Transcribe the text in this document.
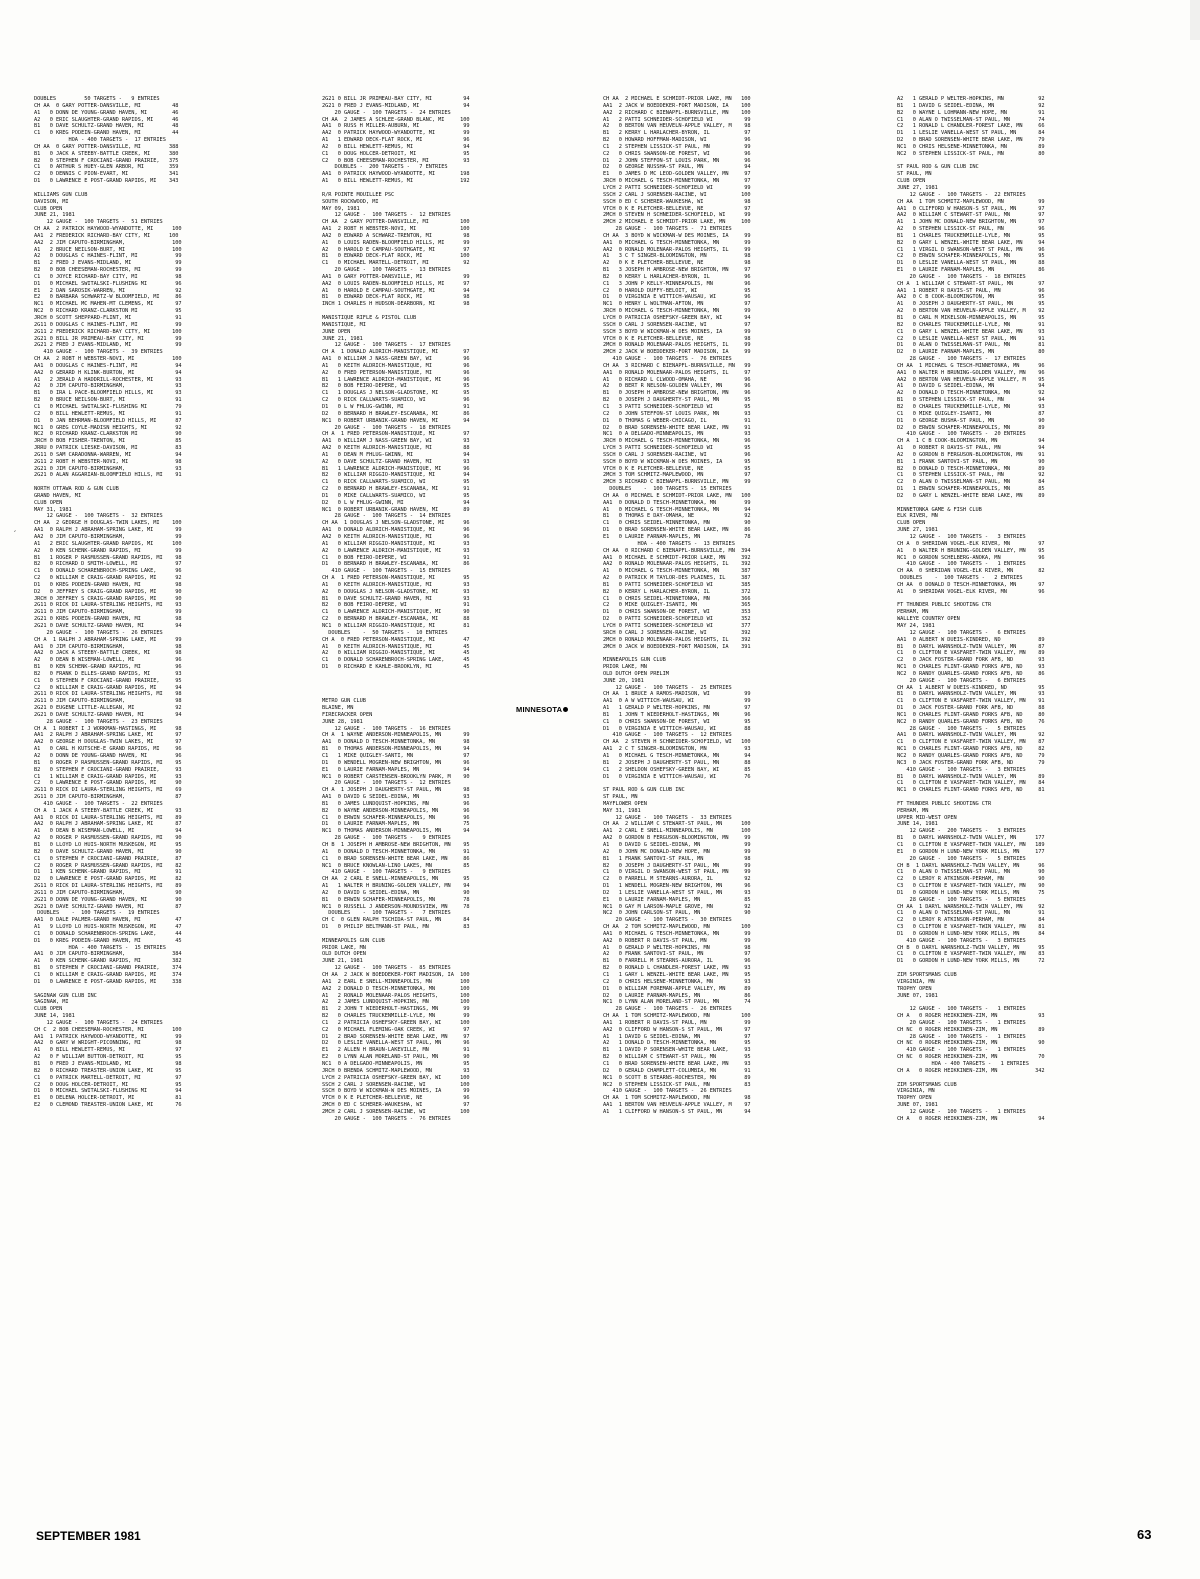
′
DOUBLES         50 TARGETS -   9 ENTRIES
CH AA  0 GARY POTTER-DANSVILLE, MI          48
A1   0 DONN DE YOUNG-GRAND HAVEN, MI        46
A2   0 ERIC SLAUGHTER-GRAND RAPIDS, MI      46
B1   0 DAVE SCHULTZ-GRAND HAVEN, MI         48
C1   0 KREG PODEIN-GRAND HAVEN, MI          44
HOA - 400 TARGETS -  17 ENTRIES
CH AA  0 GARY POTTER-DANSVILLE, MI         388
B1   0 JACK A STEEBY-BATTLE CREEK, MI      380
B2   0 STEPHEN F CROCIANI-GRAND PRAIRIE,   375
C1   0 ARTHUR S HUEY-GLEN ARBOR, MI        359
C2   0 DENNIS C PION-EVART, MI             341
D1   0 LAWRENCE E POST-GRAND RAPIDS, MI    343
WILLIAMS GUN CLUB
DAVISON, MI
CLUB OPEN
JUNE 21, 1981
12 GAUGE -  100 TARGETS -  51 ENTRIES
CH AA  2 PATRICK HAYWOOD-WYANDOTTE, MI      100
AA1  2 FREDERICK RICHARD-BAY CITY, MI      100
AA2  2 JIM CAPUTO-BIRMINGHAM,               100
A1   2 BRUCE NEILSON-BURT, MI               100
A2   0 DOUGLAS C HAINES-FLINT, MI            99
B1   2 FRED J EVANS-MIDLAND, MI              99
B2   0 BOB CHEESEMAN-ROCHESTER, MI           99
C1   0 JOYCE RICHARD-BAY CITY, MI            98
D1   0 MICHAEL SWITALSKI-FLUSHING MI         96
E1   2 DAN SAROSIK-WARREN, MI                92
E2   0 BARBARA SCHWARTZ-W BLOOMFIELD, MI     86
NC1  0 MICHAEL MC MAHEN-MT CLEMENS, MI       97
NC2  0 RICHARD KRANZ-CLARKSTON MI            95
JRCH 0 SCOTT SHEPPARD-FLINT, MI              91
2G11 0 DOUGLAS C HAINES-FLINT, MI            99
2G11 2 FREDERICK RICHARD-BAY CITY, MI       100
2G21 0 BILL JR PRIMEAU-BAY CITY, MI          99
2G21 2 FRED J EVANS-MIDLAND, MI              99
410 GAUGE -  100 TARGETS -  39 ENTRIES
CH AA  2 ROBT H WEBSTER-NOVI, MI            100
AA1  0 DOUGLAS C HAINES-FLINT, MI            94
AA2  0 GERARD H KLINK-BURTON, MI             94
A1   2 JERALD A HADDRILL-ROCHESTER, MI       93
A2   0 JIM CAPUTO-BIRMINGHAM,                93
B1   0 IRA L PACE-BLOOMFIELD HILLS, MI       93
B2   0 BRUCE NEILSON-BURT, MI                91
C1   0 MICHAEL SWITALSKI-FLUSHING MI         79
C2   0 BILL HEWLETT-REMUS, MI                91
D1   0 JAN BEHRMAN-BLOOMFIELD HILLS, MI      87
NC1  0 GREG COYLE-MADISN HEIGHTS, MI         92
NC2  0 RICHARD KRANZ-CLARKSTON MI            90
JRCH 0 BOB FISHER-TRENTON, MI                85
JRRU 0 PATRICK LIESKE-DAVISON, MI            83
2G11 0 SAM CARADONNA-WARREN, MI              94
2G11 2 ROBT H WEBSTER-NOVI, MI               98
2G21 0 JIM CAPUTO-BIRMINGHAM,                93
2G21 0 ALAN AGGARIAN-BLOOMFIELD HILLS, MI    91
NORTH OTTAWA ROD & GUN CLUB
GRAND HAVEN, MI
CLUB OPEN
MAY 31, 1981
12 GAUGE -  100 TARGETS -  32 ENTRIES
CH AA  2 GEORGE H DOUGLAS-TWIN LAKES, MI    100
AA1  0 RALPH J ABRAHAM-SPRING LAKE, MI       99
AA2  0 JIM CAPUTO-BIRMINGHAM,                99
A1   2 ERIC SLAUGHTER-GRAND RAPIDS, MI      100
A2   0 KEN SCHENK-GRAND RAPIDS, MI           99
B1   1 ROGER P RASMUSSEN-GRAND RAPIDS, MI    98
B2   0 RICHARD D SMITH-LOWELL, MI            97
C1   0 DONALD SCHARENBROCH-SPRING LAKE,      96
C2   0 WILLIAM E CRAIG-GRAND RAPIDS, MI      92
D1   0 KREG PODEIN-GRAND HAVEN, MI           98
D2   0 JEFFREY S CRAIG-GRAND RAPIDS, MI      90
JRCH 0 JEFFREY S CRAIG-GRAND RAPIDS, MI      90
2G11 0 RICK DI LAURA-STERLING HEIGHTS, MI    93
2G11 0 JIM CAPUTO-BIRMINGHAM,                99
2G21 0 KREG PODEIN-GRAND HAVEN, MI           98
2G21 0 DAVE SCHULTZ-GRAND HAVEN, MI          94
20 GAUGE -  100 TARGETS -  26 ENTRIES
CH A  1 RALPH J ABRAHAM-SPRING LAKE, MI      99
AA1  0 JIM CAPUTO-BIRMINGHAM,                98
AA2  0 JACK A STEEBY-BATTLE CREEK, MI        98
A2   0 DEAN B WISEMAN-LOWELL, MI             96
B1   0 KEN SCHENK-GRAND RAPIDS, MI           96
B2   0 FRANK D ELLES-GRAND RAPIDS, MI        93
C1   0 STEPHEN F CROCIANI-GRAND PRAIRIE,     95
C2   0 WILLIAM E CRAIG-GRAND RAPIDS, MI      94
2G11 0 RICK DI LAURA-STERLING HEIGHTS, MI    98
2G11 0 JIM CAPUTO-BIRMINGHAM,                98
2G21 0 EUGENE LITTLE-ALLEGAN, MI             92
2G21 0 DAVE SCHULTZ-GRAND HAVEN, MI          94
28 GAUGE -  100 TARGETS -  23 ENTRIES
CH A  1 ROBERT I J WORKMAN-HASTINGS, MI      98
AA1  2 RALPH J ABRAHAM-SPRING LAKE, MI       97
AA2  0 GEORGE H DOUGLAS-TWIN LAKES, MI       97
A1   0 CARL H KUTSCHE-E GRAND RAPIDS, MI     96
A2   0 DONN DE YOUNG-GRAND HAVEN, MI         96
B1   0 ROGER P RASMUSSEN-GRAND RAPIDS, MI    95
B2   0 STEPHEN F CROCIANI-GRAND PRAIRIE,     93
C1   1 WILLIAM E CRAIG-GRAND RAPIDS, MI      93
C2   0 LAWRENCE E POST-GRAND RAPIDS, MI      90
2G11 0 RICK DI LAURA-STERLING HEIGHTS, MI    69
2G11 0 JIM CAPUTO-BIRMINGHAM,                87
410 GAUGE -  100 TARGETS -  22 ENTRIES
CH A  1 JACK A STEEBY-BATTLE CREEK, MI       93
AA1  0 RICK DI LAURA-STERLING HEIGHTS, MI    89
AA2  0 RALPH J ABRAHAM-SPRING LAKE, MI       87
A1   0 DEAN B WISEMAN-LOWELL, MI             94
A2   0 ROGER P RASMUSSEN-GRAND RAPIDS, MI    90
B1   0 LLOYD LO HUIS-NORTH MUSKEGON, MI      95
B2   0 DAVE SCHULTZ-GRAND HAVEN, MI          90
C1   0 STEPHEN F CROCIANI-GRAND PRAIRIE,     87
C2   0 ROGER P RASMUSSEN-GRAND RAPIDS, MI    82
D1   1 KEN SCHENK-GRAND RAPIDS, MI           91
D2   0 LAWRENCE E POST-GRAND RAPIDS, MI      82
2G11 0 RICK DI LAURA-STERLING HEIGHTS, MI    89
2G11 0 JIM CAPUTO-BIRMINGHAM,                90
2G21 0 DONN DE YOUNG-GRAND HAVEN, MI         90
2G21 0 DAVE SCHULTZ-GRAND HAVEN, MI          87
DOUBLES    -  100 TARGETS -  19 ENTRIES
AA1  0 DALE PALMER-GRAND HAVEN, MI           47
A1   9 LLOYD LO HUIS-NORTH MUSKEGON, MI      47
C1   0 DONALD SCHARENBROCH-SPRING LAKE,      44
D1   0 KREG PODEIN-GRAND HAVEN, MI           45
HOA - 400 TARGETS -  15 ENTRIES
AA1  0 JIM CAPUTO-BIRMINGHAM,               384
A1   0 KEN SCHENK-GRAND RAPIDS, MI          382
B1   0 STEPHEN F CROCIANI-GRAND PRAIRIE,    374
C1   0 WILLIAM E CRAIG-GRAND RAPIDS, MI     374
D1   0 LAWRENCE E POST-GRAND RAPIDS, MI     338
SAGINAW GUN CLUB INC
SAGINAW, MI
CLUB OPEN
JUNE 14, 1981
12 GAUGE -  100 TARGETS -  24 ENTRIES
CH C  2 BOB CHEESEMAN-ROCHESTER, MI         100
AA1  1 PATRICK HAYWOOD-WYANDOTTE, MI         99
AA2  0 GARY W WRIGHT-PICONNING, MI           98
A1   0 BILL HEWLETT-REMUS, MI                97
A2   0 F WILLIAM BUTTON-DETROIT, MI          95
B1   0 FRED J EVANS-MIDLAND, MI              98
B2   0 RICHARD TREASTER-UNION LAKE, MI       95
C1   0 PATRICK MARTELL-DETROIT, MI           97
C2   0 DOUG HOLCER-DETROIT, MI               95
D1   0 MICHAEL SWITALSKI-FLUSHING MI         94
E1   0 DELENA HOLCER-DETROIT, MI             81
E2   0 CLEMOND TREASTER-UNION LAKE, MI       76
2G21 0 BILL JR PRIMEAU-BAY CITY, MI          94
2G21 0 FRED J EVANS-MIDLAND, MI              94
20 GAUGE -  100 TARGETS -  24 ENTRIES
CH AA  2 JAMES A SCHLEE-GRAND BLANC, MI     100
AA1  0 RUSS H MILLER-AUBURN, MI              99
AA2  0 PATRICK HAYWOOD-WYANDOTTE, MI         99
A1   1 EDWARD DECK-FLAT ROCK, MI             96
A2   0 BILL HEWLETT-REMUS, MI                94
C1   0 DOUG HOLCER-DETROIT, MI               95
C2   0 BOB CHEESEMAN-ROCHESTER, MI           93
DOUBLES -  200 TARGETS -   7 ENTRIES
AA1  0 PATRICK HAYWOOD-WYANDOTTE, MI        198
A1   0 BILL HEWLETT-REMUS, MI               192
R/R POINTE MOUILLEE PSC
SOUTH ROCKWOOD, MI
MAY 09, 1981
12 GAUGE -  100 TARGETS -  12 ENTRIES
CH AA  2 GARY POTTER-DANSVILLE, MI          100
AA1  2 ROBT H WEBSTER-NOVI, MI              100
AA2  0 EDWARD A SCHWARZ-TRENTON, MI          98
A1   0 LOUIS RADEN-BLOOMFIELD HILLS, MI      99
A2   0 HAROLD E CAMPAU-SOUTHGATE, MI         97
B1   0 EDWARD DECK-FLAT ROCK, MI            100
C1   0 MICHAEL MARTELL-DETROIT, MI           92
20 GAUGE -  100 TARGETS -  13 ENTRIES
AA1  0 GARY POTTER-DANSVILLE, MI             99
AA2  0 LOUIS RADEN-BLOOMFIELD HILLS, MI      97
A1   0 HAROLD E CAMPAU-SOUTHGATE, MI         94
B1   0 EDWARD DECK-FLAT ROCK, MI             98
INCH 1 CHARLES H HUDSON-DEARBORN, MI         98
MANISTIQUE RIFLE & PISTOL CLUB
MANISTIQUE, MI
JUNE OPEN
JUNE 21, 1981
12 GAUGE -  100 TARGETS -  17 ENTRIES
CH A  1 DONALD ALDRICH-MANISTIQUE, MI        97
AA1  0 WILLIAM J NASS-GREEN BAY, WI          96
A1   0 KEITH ALDRICH-MANISTIQUE, MI          96
A2   0 FRED PETERSON-MANISTIQUE, MI          96
B1   1 LAWRENCE ALDRICH-MANISTIQUE, MI       96
B2   0 BOB FEIRO-DEPERE, WI                  95
C1   1 DOUGLAS J NELSON-GLADSTONE, MI        95
C2   0 RICK CALLWARTS-SUAMICO, WI            96
D1   0 L W FHLUG-GWINN, MI                   91
D2   0 BERNARD H BRAWLEY-ESCANABA, MI        86
NC1  0 ROBERT URBANIK-GRAND HAVEN, MI        94
20 GAUGE -  100 TARGETS -  18 ENTRIES
CH A  1 FRED PETERSON-MANISTIQUE, MI         97
AA1  0 WILLIAM J NASS-GREEN BAY, WI          93
AA2  0 KEITH ALDRICH-MANISTIQUE, MI          88
A1   0 DEAN M FHLUG-GWINN, MI                94
A2   0 DAVE SCHULTZ-GRAND HAVEN, MI          93
B1   1 LAWRENCE ALDRICH-MANISTIQUE, MI       96
B2   0 WILLIAM RIGGIO-MANISTIQUE, MI         94
C1   0 RICK CALLWARTS-SUAMICO, WI            95
C2   0 BERNARD H BRAWLEY-ESCANABA, MI        91
D1   0 MIKE CALLWARTS-SUAMICO, WI            95
D2   0 L W FHLUG-GWINN, MI                   94
NC1  0 ROBERT URBANIK-GRAND HAVEN, MI        89
28 GAUGE -  100 TARGETS -  14 ENTRIES
CH AA  1 DOUGLAS J NELSON-GLADSTONE, MI      96
AA1  0 DONALD ALDRICH-MANISTIQUE, MI         96
AA2  0 KEITH ALDRICH-MANISTIQUE, MI          96
A1   0 WILLIAM RIGGIO-MANISTIQUE, MI         93
A2   0 LAWRENCE ALDRICH-MANISTIQUE, MI       93
C1   0 BOB FEIRO-DEPERE, WI                  91
D1   0 BERNARD H BRAWLEY-ESCANABA, MI        86
410 GAUGE -  100 TARGETS -  15 ENTRIES
CH A  1 FRED PETERSON-MANISTIQUE, MI         95
A1   0 KEITH ALDRICH-MANISTIQUE, MI          93
A2   0 DOUGLAS J NELSON-GLADSTONE, MI        93
B1   0 DAVE SCHULTZ-GRAND HAVEN, MI          93
B2   0 BOB FEIRO-DEPERE, WI                  91
C1   0 LAWRENCE ALDRICH-MANISTIQUE, MI       90
C2   0 BERNARD H BRAWLEY-ESCANABA, MI        88
NC1  0 WILLIAM RIGGIO-MANISTIQUE, MI         81
DOUBLES    -  50 TARGETS -  10 ENTRIES
CH A  0 FRED PETERSON-MANISTIQUE, MI         47
A1   0 KEITH ALDRICH-MANISTIQUE, MI          45
A2   0 WILLIAM RIGGIO-MANISTIQUE, MI         45
C1   0 DONALD SCHARENBROCH-SPRING LAKE,      45
D1   0 RICHARD E KAHLE-BROOKLYN, MI          45
METRO GUN CLUB
BLAINE, MN
FIRECRACKER OPEN
JUNE 28, 1981
12 GAUGE -  100 TARGETS -  16 ENTRIES
CH A  1 WAYNE ANDERSON-MINNEAPOLIS, MN       99
AA1  0 DONALD D TESCH-MINNETONKA, MN         98
B1   0 THOMAS ANDERSON-MINNEAPOLIS, MN       94
C1   1 MIKE QUIGLEY-SANTI, MN                97
D1   0 WENDELL MOGREN-NEW BRIGHTON, MN       96
E1   0 LAURIE FARNAM-MAPLES, MN              94
NC1  0 ROBERT CARSTENSEN-BROOKLYN PARK, M    90
20 GAUGE -  100 TARGETS -  12 ENTRIES
CH A  1 JOSEPH J DAUGHERTY-ST PAUL, MN       98
AA1  0 DAVID G SEIDEL-EDINA, MN              93
B1   0 JAMES LUNDQUIST-HOPKINS, MN           96
B2   0 WAYNE ANDERSON-MINNEAPOLIS, MN        96
C1   0 ERWIN SCHAFER-MINNEAPOLIS, MN         96
D1   0 LAURIE FARNAM-MAPLES, MN              75
NC1  0 THOMAS ANDERSON-MINNEAPOLIS, MN       94
28 GAUGE -  100 TARGETS -   9 ENTRIES
CH B  1 JOSEPH H AMBROSE-NEW BRIGHTON, MN    95
A1   0 DONALD D TESCH-MINNETONKA, MN         91
C1   0 BRAD SORENSEN-WHITE BEAR LAKE, MN     86
NC1  0 BRUCE KNOWLAN-LINO LAKES, MN          85
410 GAUGE -  100 TARGETS -   9 ENTRIES
CH AA  2 CARL E SNELL-MINNEAPOLIS, MN        95
A1   1 WALTER H BRUNING-GOLDEN VALLEY, MN    94
A2   0 DAVID G SEIDEL-EDINA, MN              90
B1   0 ERWIN SCHAFER-MINNEAPOLIS, MN         78
NC1  0 RUSSELL J ANDERSON-MOUNDSVIEW, MN     78
DOUBLES    -  100 TARGETS -   7 ENTRIES
CH C  0 GLEN RALPH TSCHIDA-ST PAUL, MN       84
D1   0 PHILIP BELTMANN-ST PAUL, MN           83
MINNEAPOLIS GUN CLUB
PRIOR LAKE, MN
OLD DUTCH OPEN
JUNE 21, 1981
12 GAUGE -  100 TARGETS -  85 ENTRIES
CH AA  2 JACK W BOEDDEKER-FORT MADISON, IA  100
AA1  2 EARL E SNELL-MINNEAPOLIS, MN         100
AA2  2 DONALD D TESCH-MINNETONKA, MN        100
A1   2 RONALD MOLENAAR-PALOS HEIGHTS,       100
A2   2 JAMES LUNDQUIST-HOPKINS, MN          100
B1   2 JOHN T WIEDERHOLT-HASTINGS, MN        99
B2   0 CHARLES TRUCKENMILLE-LYLE, MN         99
C1   2 PATRICIA OSHEFSKY-GREEN BAY, WI      100
C2   0 MICHAEL FLEMING-OAK CREEK, WI         97
D1   2 BRAD SORENSEN-WHITE BEAR LAKE, MN     97
D2   0 LESLIE VANELLA-WEST ST PAUL, MN       96
E1   2 ALLEN H BRAUN-LAKEVILLE, MN           91
E2   0 LYNN ALAN MORELAND-ST PAUL, MN        90
NC1  0 A DELGADO-MINNEAPOLIS, MN             95
JRCH 0 BRENDA SCHMITZ-MAPLEWOOD, MN          93
LYCH 2 PATRICIA OSHEFSKY-GREEN BAY, WI      100
SSCH 2 CARL J SORENSEN-RACINE, WI           100
SSCH 0 BOYD W WICKMAN-W DES MOINES, IA       99
VTCH 0 K E PLETCHER-BELLEVUE, NE             96
2MCH 0 ED C SCHERER-WAUKESHA, WI             97
2MCH 2 CARL J SORENSEN-RACINE, WI           100
20 GAUGE -  100 TARGETS -  76 ENTRIES
CH AA  2 MICHAEL E SCHMIDT-PRIOR LAKE, MN   100
AA1  2 JACK W BOEDDEKER-FORT MADISON, IA    100
AA2  2 RICHARD C BIENAPFL-BURNSVILLE, MN    100
A1   2 PATTI SCHNEIDER-SCHOFIELD WI          99
A2   0 BERTON VAN HEUVELN-APPLE VALLEY, M    98
B1   2 KERRY L HARLACHER-BYRON, IL           97
B2   0 HOWARD HOFFMAN-MADISON, WI            96
C1   2 STEPHEN LISSICK-ST PAUL, MN           99
C2   0 CHRIS SWANSON-DE FOREST, WI           96
D1   2 JOHN STEFFON-ST LOUIS PARK, MN        96
D2   0 GEORGE NUSSHA-ST PAUL, MN             94
E1   0 JAMES D MC LEOD-GOLDEN VALLEY, MN     97
JRCH 0 MICHAEL G TESCH-MINNETONKA, MN        97
LYCH 2 PATTI SCHNEIDER-SCHOFIELD WI          99
SSCH 2 CARL J SORENSEN-RACINE, WI           100
SSCH 0 ED C SCHERER-WAUKESHA, WI             98
VTCH 0 K E PLETCHER-BELLEVUE, NE             97
2MCH 0 STEVEN H SCHNEIDER-SCHOFIELD, WI      99
2MCH 2 MICHAEL E SCHMIDT-PRIOR LAKE, MN     100
28 GAUGE -  100 TARGETS -  71 ENTRIES
CH AA  3 BOYD W WICKMAN-W DES MOINES, IA     99
AA1  0 MICHAEL G TESCH-MINNETONKA, MN        99
AA2  0 RONALD MOLENAAR-PALOS HEIGHTS, IL     99
A1   3 C T SINGER-BLOOMINGTON, MN            98
A2   0 K E PLETCHER-BELLEVUE, NE             98
B1   3 JOSEPH H AMBROSE-NEW BRIGHTON, MN     97
B2   0 KERRY L HARLACHER-BYRON, IL           96
C1   3 JOHN P KELLY-MINNEAPOLIS, MN          96
C2   0 HAROLD DUFFY-BELOIT, WI               95
D1   0 VIRGINIA E WITTICH-WAUSAU, WI         96
NC1  0 HENRY L WOLTMAN-AFTON, MN             97
JRCH 0 MICHAEL G TESCH-MINNETONKA, MN        99
LYCH 0 PATRICIA OSHEFSKY-GREEN BAY, WI       94
SSCH 0 CARL J SORENSEN-RACINE, WI            97
SSCH 3 BOYD W WICKMAN-W DES MOINES, IA       99
VTCH 0 K E PLETCHER-BELLEVUE, NE             98
2MCH 0 RONALD MOLENAAR-PALOS HEIGHTS, IL     99
2MCH 2 JACK W BOEDDEKER-FORT MADISON, IA     99
410 GAUGE -  100 TARGETS -  76 ENTRIES
CH AA  3 RICHARD C BIENAPFL-BURNSVILLE, MN   99
AA1  0 RONALD MOLENAAR-PALOS HEIGHTS, IL     97
A1   0 RICHARD L CLWOOD-OMAHA, NE            96
A2   0 BERT R NELSON-GOLDEN VALLEY, MN       96
B1   0 JOSEPH H AMBROSE-NEW BRIGHTON, MN     96
B2   0 JOSEPH J DAUGHERTY-ST PAUL, MN        95
C1   3 PATTI SCHNEIDER-SCHOFIELD WI          95
C2   0 JOHN STEFFON-ST LOUIS PARK, MN        93
D1   0 THOMAS G WEBER-CHICAGO, IL            91
D2   0 BRAD SORENSEN-WHITE BEAR LAKE, MN     91
NC1  0 A DELGADO-MINNEAPOLIS, MN             93
JRCH 0 MICHAEL G TESCH-MINNETONKA, MN        96
LYCH 3 PATTI SCHNEIDER-SCHOFIELD WI          95
SSCH 0 CARL J SORENSEN-RACINE, WI            96
SSCH 0 BOYD W WICKMAN-W DES MOINES, IA       95
VTCH 0 K E PLETCHER-BELLEVUE, NE             95
2MCH 3 TOM SCHMITZ-MAPLEWOOD, MN             97
2MCH 3 RICHARD C BIENAPFL-BURNSVILLE, MN     99
DOUBLES    -  100 TARGETS -  15 ENTRIES
CH AA  0 MICHAEL E SCHMIDT-PRIOR LAKE, MN   100
AA1  0 DONALD D TESCH-MINNETONKA, MN         99
A1   0 MICHAEL G TESCH-MINNETONKA, MN        94
B1   0 THOMAS E DAY-OMAHA, NE                92
C1   0 CHRIS SEIDEL-MINNETONKA, MN           90
D1   0 BRAD SORENSEN-WHITE BEAR LAKE, MN     86
E1   0 LAURIE FARNAM-MAPLES, MN              78
HOA - 400 TARGETS -  13 ENTRIES
CH AA  0 RICHARD C BIENAPFL-BURNSVILLE, MN  394
AA1  0 MICHAEL E SCHMIDT-PRIOR LAKE, MN     392
AA2  0 RONALD MOLENAAR-PALOS HEIGHTS, IL    392
A1   0 MICHAEL G TESCH-MINNETONKA, MN       387
A2   0 PATRICK M TAYLOR-DES PLAINES, IL     387
B1   0 PATTI SCHNEIDER-SCHOFIELD WI         385
B2   0 KERRY L HARLACHER-BYRON, IL          372
C1   0 CHRIS SEIDEL-MINNETONKA, MN          366
C2   0 MIKE QUIGLEY-ISANTI, MN              365
D1   0 CHRIS SWANSON-DE FOREST, WI          353
D2   0 PATTI SCHNEIDER-SCHOFIELD WI         352
LYCH 0 PATTI SCHNEIDER-SCHOFIELD WI         377
SRCH 0 CARL J SORENSEN-RACINE, WI           392
2MCH 0 RONALD MOLENAAR-PALOS HEIGHTS, IL    392
2MCH 0 JACK W BOEDDEKER-FORT MADISON, IA    391
MINNEAPOLIS GUN CLUB
PRIOR LAKE, MN
OLD DUTCH OPEN PRELIM
JUNE 20, 1981
12 GAUGE -  100 TARGETS -  25 ENTRIES
CH AA  1 BRUCE A RAMOS-MADISON, WI           99
AA1  0 A W WITTICH-WAUSAU, WI                99
A1   1 GERALD P WELTER-HOPKINS, MN           97
B1   1 JOHN T WIEDERHOLT-HASTINGS, MN        96
C1   0 CHRIS SWANSON-DE FOREST, WI           95
D1   0 VIRGINIA E WITTICH-WAUSAU, WI         88
410 GAUGE -  100 TARGETS -  12 ENTRIES
CH AA  2 STEVEN H SCHNEIDER-SCHOFIELD, WI   100
AA1  2 C T SINGER-BLOOMINGTON, MN            93
A1   0 MICHAEL G TESCH-MINNETONKA, MN        94
B1   2 JOSEPH J DAUGHERTY-ST PAUL, MN        88
C1   2 SHELDON OSHEFSKY-GREEN BAY, WI        85
D1   0 VIRGINIA E WITTICH-WAUSAU, WI         76
ST PAUL ROD & GUN CLUB INC
ST PAUL, MN
MAYFLOWER OPEN
MAY 31, 1981
12 GAUGE -  100 TARGETS -  33 ENTRIES
CH AA  2 WILLIAM C STEWART-ST PAUL, MN      100
AA1  2 CARL E SNELL-MINNEAPOLIS, MN         100
AA2  0 GORDON B FERGUSON-BLOOMINGTON, MN     99
A1   0 DAVID G SEIDEL-EDINA, MN              99
A2   0 JOHN MC DONALD-NEW HOPE, MN           99
B1   1 FRANK SANTOVI-ST PAUL, MN             98
B2   0 JOSEPH J DAUGHERTY-ST PAUL, MN        99
C1   0 VIRGIL D SWANSON-WEST ST PAUL, MN     99
C2   0 FARRELL M STEARNS-AURORA, IL          92
D1   1 WENDELL MOGREN-NEW BRIGHTON, MN       96
D2   1 LESLIE VANELLA-WEST ST PAUL, MN       93
E1   0 LAURIE FARNAM-MAPLES, MN              85
NC1  0 GAY M LARSON-MAPLE GROVE, MN          92
NC2  0 JOHN CARLSON-ST PAUL, MN              90
20 GAUGE -  100 TARGETS -  30 ENTRIES
CH AA  2 TOM SCHMITZ-MAPLEWOOD, MN          100
AA1  0 MICHAEL G TESCH-MINNETONKA, MN        99
AA2  0 ROBERT R DAVIS-ST PAUL, MN            99
A1   0 GERALD P WELTER-HOPKINS, MN           98
A2   0 FRANK SANTOVI-ST PAUL, MN             97
B1   0 FARRELL M STEARNS-AURORA, IL          96
B2   0 RONALD L CHANDLER-FOREST LAKE, MN     93
C1   1 GARY L WENZEL-WHITE BEAR LAKE, MN     95
C2   0 CHRIS HELSENE-MINNETONKA, MN          93
D1   0 WILLIAM FOREMAN-APPLE VALLEY, MN      89
D2   0 LAURIE FARNAM-MAPLES, MN              86
NC1  0 LYNN ALAN MORELAND-ST PAUL, MN        74
28 GAUGE -  100 TARGETS -  26 ENTRIES
CH AA  1 TOM SCHMITZ-MAPLEWOOD, MN          100
AA1  1 ROBERT R DAVIS-ST PAUL, MN            99
AA2  0 CLIFFORD W HANSON-S ST PAUL, MN       97
A1   1 DAVID G SEIDEL-EDINA, MN              97
A2   1 DONALD D TESCH-MINNETONKA, MN         95
B1   1 DAVID P SORENSEN-WHITE BEAR LAKE,     93
B2   0 WILLIAM C STEWART-ST PAUL, MN         95
C1   0 BRAD SORENSEN-WHITE BEAR LAKE, MN     93
D2   0 GERALD CHAMPLETT-COLUMBIA, MN         91
NC1  0 SCOTT B STEARNS-ROCHESTER, MN         89
NC2  0 STEPHEN LISSICK-ST PAUL, MN           83
410 GAUGE -  100 TARGETS -  26 ENTRIES
CH AA  1 TOM SCHMITZ-MAPLEWOOD, MN           98
AA1  1 BERTON VAN HEUVELN-APPLE VALLEY, M    97
A1   1 CLIFFORD W HANSON-S ST PAUL, MN       94
A2   1 GERALD P WELTER-HOPKINS, MN           92
B1   1 DAVID G SEIDEL-EDINA, MN              92
B2   0 WAYNE L LOHMANN-NEW HOPE, MN          91
C1   0 ALAN O TWISSELMAN-ST PAUL, MN         74
C2   1 RONALD L CHANDLER-FOREST LAKE, MN     66
D1   1 LESLIE VANELLA-WEST ST PAUL, MN       84
D2   0 BRAD SORENSEN-WHITE BEAR LAKE, MN     79
NC1  0 CHRIS HELSENE-MINNETONKA, MN          89
NC2  0 STEPHEN LISSICK-ST PAUL, MN           80
ST PAUL ROD & GUN CLUB INC
ST PAUL, MN
CLUB OPEN
JUNE 27, 1981
12 GAUGE -  100 TARGETS -  22 ENTRIES
CH AA  1 TOM SCHMITZ-MAPLEWOOD, MN           99
AA1  0 CLIFFORD W HANSON-S ST PAUL, MN       97
AA2  0 WILLIAM C STEWART-ST PAUL, MN         97
A1   1 JOHN MC DONALD-NEW BRIGHTON, MN       97
A2   0 STEPHEN LISSICK-ST PAUL, MN           96
B1   1 CHARLES TRUCKENMILLE-LYLE, MN         95
B2   0 GARY L WENZEL-WHITE BEAR LAKE, MN     94
C1   1 VIRGIL D SWANSON-WEST ST PAUL, MN     96
C2   0 ERWIN SCHAFER-MINNEAPOLIS, MN         95
D1   0 LESLIE VANELLA-WEST ST PAUL, MN       88
E1   0 LAURIE FARNAM-MAPLES, MN              86
20 GAUGE -  100 TARGETS -  18 ENTRIES
CH A  1 WILLIAM C STEWART-ST PAUL, MN        97
AA1  1 ROBERT R DAVIS-ST PAUL, MN            96
AA2  0 C B COOK-BLOOMINGTON, MN              95
A1   0 JOSEPH J DAUGHERTY-ST PAUL, MN        95
A2   0 BERTON VAN HEUVELN-APPLE VALLEY, M    92
B1   0 CARL M MIKELSON-MINNEAPOLIS, MN       95
B2   0 CHARLES TRUCKENMILLE-LYLE, MN         91
C1   0 GARY L WENZEL-WHITE BEAR LAKE, MN     93
C2   0 LESLIE VANELLA-WEST ST PAUL, MN       91
D1   0 ALAN O TWISSELMAN-ST PAUL, MN         81
D2   0 LAURIE FARNAM-MAPLES, MN              80
28 GAUGE -  100 TARGETS -  17 ENTRIES
CH AA  1 MICHAEL G TESCH-MINNETONKA, MN      96
AA1  0 WALTER H BRUNING-GOLDEN VALLEY, MN    96
AA2  0 BERTON VAN HEUVELN-APPLE VALLEY, M    95
A1   0 DAVID G SEIDEL-EDINA, MN              94
A2   0 DONALD D TESCH-MINNETONKA, MN         92
B1   0 STEPHEN LISSICK-ST PAUL, MN           94
B2   0 CHARLES TRUCKENMILLE-LYLE, MN         93
C1   0 MIKE QUIGLEY-ISANTI, MN               87
D1   0 GEORGE BUSHA-ST PAUL, MN              90
D2   0 ERWIN SCHAFER-MINNEAPOLIS, MN         89
410 GAUGE -  100 TARGETS -  20 ENTRIES
CH A  1 C B COOK-BLOOMINGTON, MN             94
A1   0 ROBERT R DAVIS-ST PAUL, MN            94
A2   0 GORDON B FERGUSON-BLOOMINGTON, MN     91
B1   1 FRANK SANTOVI-ST PAUL, MN             90
B2   0 DONALD D TESCH-MINNETONKA, MN         89
C1   0 STEPHEN LISSICK-ST PAUL, MN           92
C2   0 ALAN O TWISSELMAN-ST PAUL, MN         84
D1   1 ERWIN SCHAFER-MINNEAPOLIS, MN         85
D2   0 GARY L WENZEL-WHITE BEAR LAKE, MN     89
MINNETONKA GAME & FISH CLUB
ELK RIVER, MN
CLUB OPEN
JUNE 27, 1981
12 GAUGE -  100 TARGETS -   3 ENTRIES
CH A  0 SHERIDAN VOGEL-ELK RIVER, MN         97
A1   0 WALTER H BRUNING-GOLDEN VALLEY, MN    95
NC1  0 GORDON SCHELBERG-ANOKA, MN            96
410 GAUGE -  100 TARGETS -   1 ENTRIES
CH AA  0 SHERIDAN VOGEL-ELK RIVER, MN        82
DOUBLES    -  100 TARGETS -   2 ENTRIES
CH AA  0 DONALD D TESCH-MINNETONKA, MN       97
A1   0 SHERIDAN VOGEL-ELK RIVER, MN          96
FT THUNDER PUBLIC SHOOTING CTR
PERHAM, MN
WALLEYE COUNTRY OPEN
MAY 24, 1981
12 GAUGE -  100 TARGETS -   6 ENTRIES
AA1  0 ALBERT W DUEIS-KINDRED, ND            89
B1   0 DARYL WARNSHOLZ-TWIN VALLEY, MN       87
C1   0 CLIFTON E VASFARET-TWIN VALLEY, MN    89
C2   0 JACK FOSTER-GRAND FORK AFB, ND        93
NC1  0 CHARLES FLINT-GRAND FORKS AFB, ND     93
NC2  0 RANDY QUARLES-GRAND FORKS AFB, ND     86
20 GAUGE -  100 TARGETS -   6 ENTRIES
CH AA  1 ALBERT W DUEIS-KINDRED, ND          95
B1   0 DARYL WARNSHOLZ-TWIN VALLEY, MN       93
C1   0 CLIFTON E VASFARET-TWIN VALLEY, MN    91
D1   0 JACK FOSTER-GRAND FORK AFB, ND        88
NC1  0 CHARLES FLINT-GRAND FORKS AFB, ND     80
NC2  0 RANDY QUARLES-GRAND FORKS AFB, ND     76
28 GAUGE -  100 TARGETS -   5 ENTRIES
AA1  0 DARYL WARNSHOLZ-TWIN VALLEY, MN       92
C1   0 CLIFTON E VASFARET-TWIN VALLEY, MN    87
NC1  0 CHARLES FLINT-GRAND FORKS AFB, ND     82
NC2  0 RANDY QUARLES-GRAND FORKS AFB, ND     79
NC3  0 JACK FOSTER-GRAND FORK AFB, ND        79
410 GAUGE -  100 TARGETS -   3 ENTRIES
B1   0 DARYL WARNSHOLZ-TWIN VALLEY, MN       89
C1   0 CLIFTON E VASFARET-TWIN VALLEY, MN    84
NC1  0 CHARLES FLINT-GRAND FORKS AFB, ND     81
FT THUNDER PUBLIC SHOOTING CTR
PERHAM, MN
UPPER MID-WEST OPEN
JUNE 14, 1981
12 GAUGE -  200 TARGETS -   3 ENTRIES
B1   0 DARYL WARNSHOLZ-TWIN VALLEY, MN      177
C1   0 CLIFTON E VASFARET-TWIN VALLEY, MN   189
E1   0 GORDON H LUND-NEW YORK MILLS, MN     177
20 GAUGE -  100 TARGETS -   5 ENTRIES
CH B  1 DARYL WARNSHOLZ-TWIN VALLEY, MN      96
C1   0 ALAN O TWISSELMAN-ST PAUL, MN         90
C2   0 LEROY R ATKINSON-PERHAM, MN           90
C3   0 CLIFTON E VASFARET-TWIN VALLEY, MN    90
D1   0 GORDON H LUND-NEW YORK MILLS, MN      75
28 GAUGE -  100 TARGETS -   5 ENTRIES
CH AA  1 DARYL WARNSHOLZ-TWIN VALLEY, MN     92
C1   0 ALAN O TWISSELMAN-ST PAUL, MN         91
C2   0 LEROY R ATKINSON-PERHAM, MN           84
C3   0 CLIFTON E VASFARET-TWIN VALLEY, MN    81
D1   0 GORDON H LUND-NEW YORK MILLS, MN      84
410 GAUGE -  100 TARGETS -   3 ENTRIES
CH B  0 DARYL WARNSHOLZ-TWIN VALLEY, MN      95
C1   0 CLIFTON E VASFARET-TWIN VALLEY, MN    83
D1   0 GORDON H LUND-NEW YORK MILLS, MN      72
ZIM SPORTSMANS CLUB
VIRGINIA, MN
TROPHY OPEN
JUNE 07, 1981
12 GAUGE -  100 TARGETS -   1 ENTRIES
CH A   0 ROGER HEIKKINEN-ZIM, MN             93
20 GAUGE -  100 TARGETS -   1 ENTRIES
CH NC  0 ROGER HEIKKINEN-ZIM, MN             89
28 GAUGE -  100 TARGETS -   1 ENTRIES
CH NC  0 ROGER HEIKKINEN-ZIM, MN             90
410 GAUGE -  100 TARGETS -   1 ENTRIES
CH NC  0 ROGER HEIKKINEN-ZIM, MN             70
HOA - 400 TARGETS -   1 ENTRIES
CH A   0 ROGER HEIKKINEN-ZIM, MN            342
ZIM SPORTSMANS CLUB
VIRGINIA, MN
TROPHY OPEN
JUNE 07, 1981
12 GAUGE -  100 TARGETS -   1 ENTRIES
CH A   0 ROGER HEIKKINEN-ZIM, MN             94
MINNESOTA
SEPTEMBER 1981	63
